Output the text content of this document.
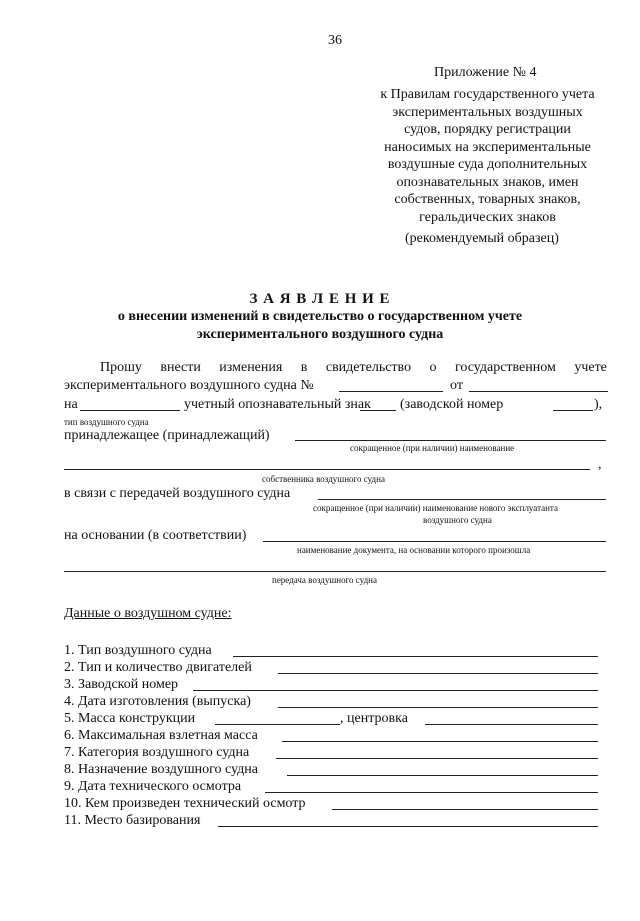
36
Приложение № 4
к Правилам государственного учета
экспериментальных воздушных
судов, порядку регистрации
наносимых на экспериментальные
воздушные суда дополнительных
опознавательных знаков, имен
собственных, товарных знаков,
геральдических знаков
(рекомендуемый образец)
З А Я В Л Е Н И Е
о внесении изменений в свидетельство о государственном учете
экспериментального воздушного судна
Прошу внести изменения в свидетельство о государственном учете
экспериментального воздушного судна №	от
на	учетный опознавательный знак (заводской номер	),
тип воздушного судна
принадлежащее (принадлежащий)
сокращенное (при наличии) наименование
,
собственника воздушного судна
в связи с передачей воздушного судна
сокращенное (при наличии) наименование нового эксплуатанта
воздушного судна
на основании (в соответствии)
наименование документа, на основании которого произошла
передача воздушного судна
Данные о воздушном судне:
1. Тип воздушного судна
2. Тип и количество двигателей
3. Заводской номер
4. Дата изготовления (выпуска)
5. Масса конструкции	, центровка
6. Максимальная взлетная масса
7. Категория воздушного судна
8. Назначение воздушного судна
9. Дата технического осмотра
10. Кем произведен технический осмотр
11. Место базирования
